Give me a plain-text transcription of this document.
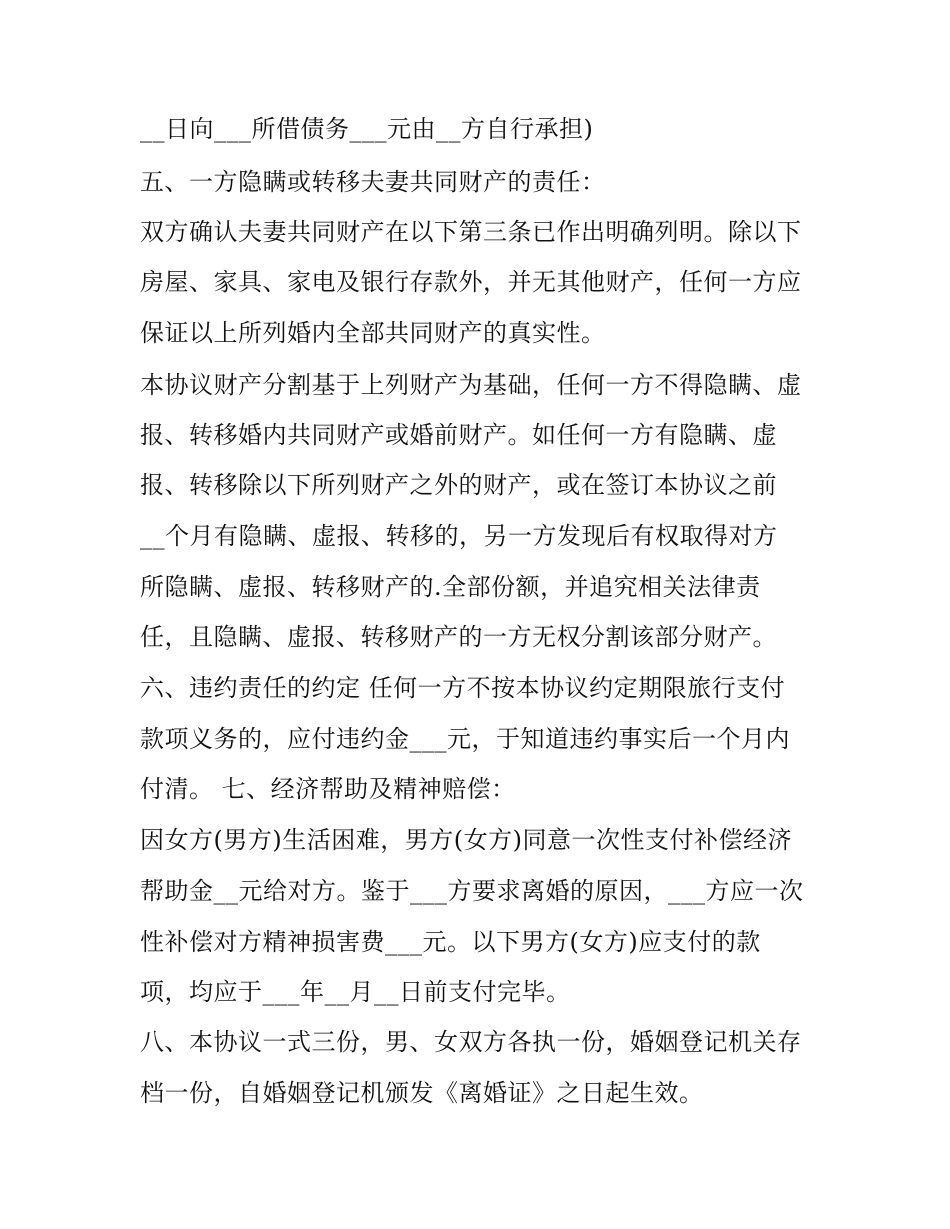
__日向___所借债务___元由__方自行承担)
五、一方隐瞒或转移夫妻共同财产的责任：
双方确认夫妻共同财产在以下第三条已作出明确列明。除以下
房屋、家具、家电及银行存款外，并无其他财产，任何一方应
保证以上所列婚内全部共同财产的真实性。
本协议财产分割基于上列财产为基础，任何一方不得隐瞒、虚
报、转移婚内共同财产或婚前财产。如任何一方有隐瞒、虚
报、转移除以下所列财产之外的财产，或在签订本协议之前
__个月有隐瞒、虚报、转移的，另一方发现后有权取得对方
所隐瞒、虚报、转移财产的.全部份额，并追究相关法律责
任，且隐瞒、虚报、转移财产的一方无权分割该部分财产。
六、违约责任的约定 任何一方不按本协议约定期限旅行支付
款项义务的，应付违约金___元，于知道违约事实后一个月内
付清。 七、经济帮助及精神赔偿：
因女方(男方)生活困难，男方(女方)同意一次性支付补偿经济
帮助金__元给对方。鉴于___方要求离婚的原因，___方应一次
性补偿对方精神损害费___元。以下男方(女方)应支付的款
项，均应于___年__月__日前支付完毕。
八、本协议一式三份，男、女双方各执一份，婚姻登记机关存
档一份，自婚姻登记机颁发《离婚证》之日起生效。
